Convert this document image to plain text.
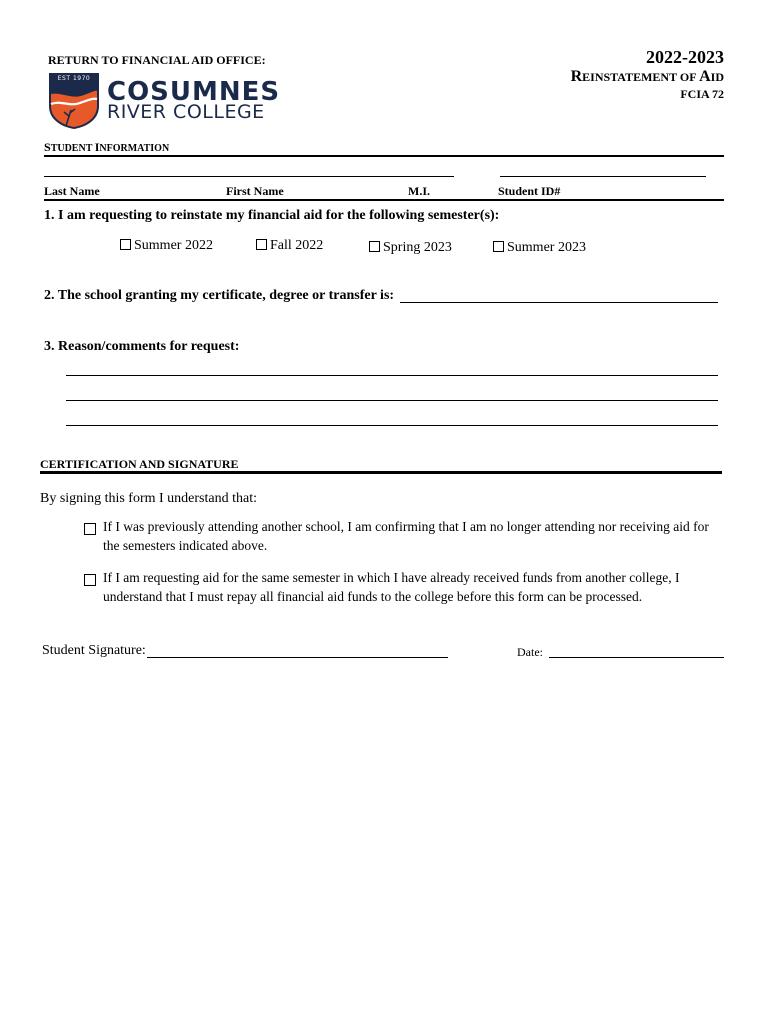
RETURN TO FINANCIAL AID OFFICE:	2022-2023
REINSTATEMENT OF AID
FCIA 72
EST 1970 COSUMNES
RIVER COLLEGE
STUDENT INFORMATION
Last Name	First Name	M.I.	Student ID#
1. I am requesting to reinstate my financial aid for the following semester(s):
Summer 2022	Fall 2022	Spring 2023	Summer 2023
2. The school granting my certificate, degree or transfer is:
3. Reason/comments for request:
CERTIFICATION AND SIGNATURE
By signing this form I understand that:
If I was previously attending another school, I am confirming that I am no longer attending nor receiving aid for the semesters indicated above.
If I am requesting aid for the same semester in which I have already received funds from another college, I understand that I must repay all financial aid funds to the college before this form can be processed.
Student Signature:	Date:
